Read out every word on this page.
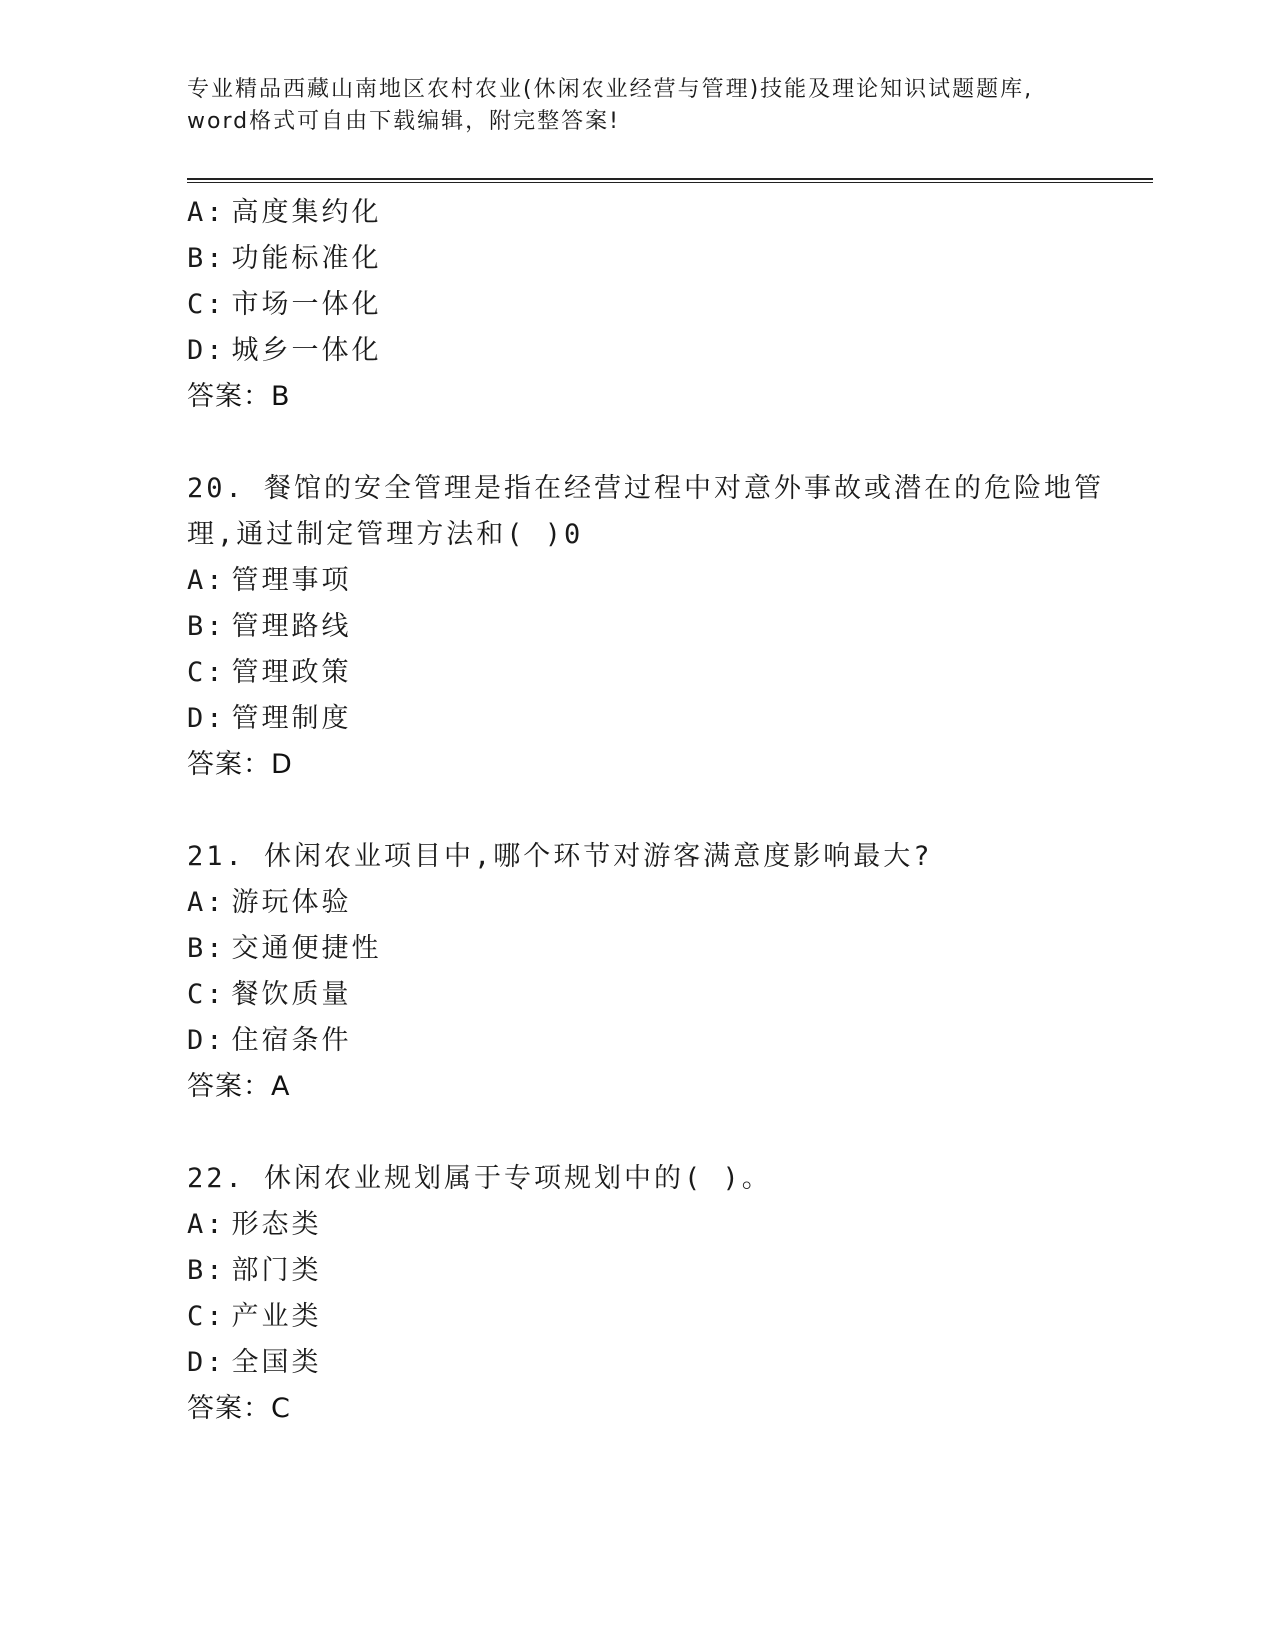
专业精品西藏山南地区农村农业(休闲农业经营与管理)技能及理论知识试题题库,
word格式可自由下载编辑，附完整答案!
A: 高度集约化
B: 功能标准化
C: 市场一体化
D: 城乡一体化
答案：B
20. 餐馆的安全管理是指在经营过程中对意外事故或潜在的危险地管
理,通过制定管理方法和( )0
A: 管理事项
B: 管理路线
C: 管理政策
D: 管理制度
答案：D
21. 休闲农业项目中,哪个环节对游客满意度影响最大?
A: 游玩体验
B: 交通便捷性
C: 餐饮质量
D: 住宿条件
答案：A
22. 休闲农业规划属于专项规划中的( )。
A: 形态类
B: 部门类
C: 产业类
D: 全国类
答案：C
